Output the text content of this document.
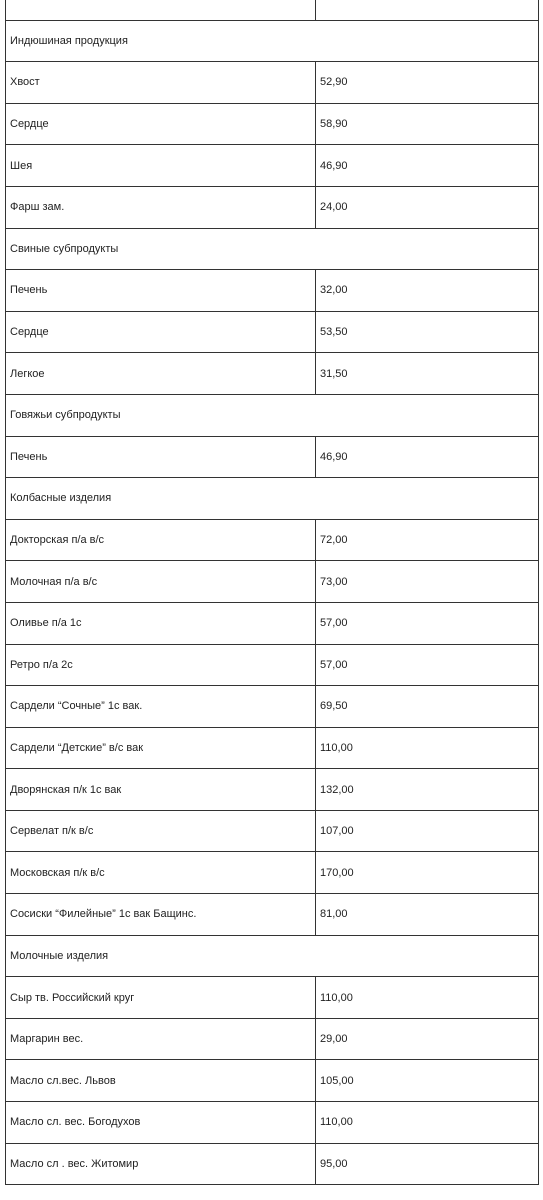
Индюшиная продукция	
Хвост	52,90
Сердце	58,90
Шея	46,90
Фарш зам.	24,00
Свиные субпродукты	
Печень	32,00
Сердце	53,50
Легкое	31,50
Говяжьи субпродукты	
Печень	46,90
Колбасные изделия	
Докторская п/а в/с	72,00
Молочная п/а в/с	73,00
Оливье п/а 1с	57,00
Ретро п/а 2с	57,00
Сардели “Сочные” 1с вак.	69,50
Сардели “Детские” в/с вак	110,00
Дворянская п/к 1с вак	132,00
Сервелат п/к в/с	107,00
Московская п/к в/с	170,00
Сосиски “Филейные” 1с вак Бащинс.	81,00
Молочные изделия	
Сыр тв. Российский круг	110,00
Маргарин вес.	29,00
Масло сл.вес. Львов	105,00
Масло сл. вес. Богодухов	110,00
Масло сл . вес. Житомир	95,00
